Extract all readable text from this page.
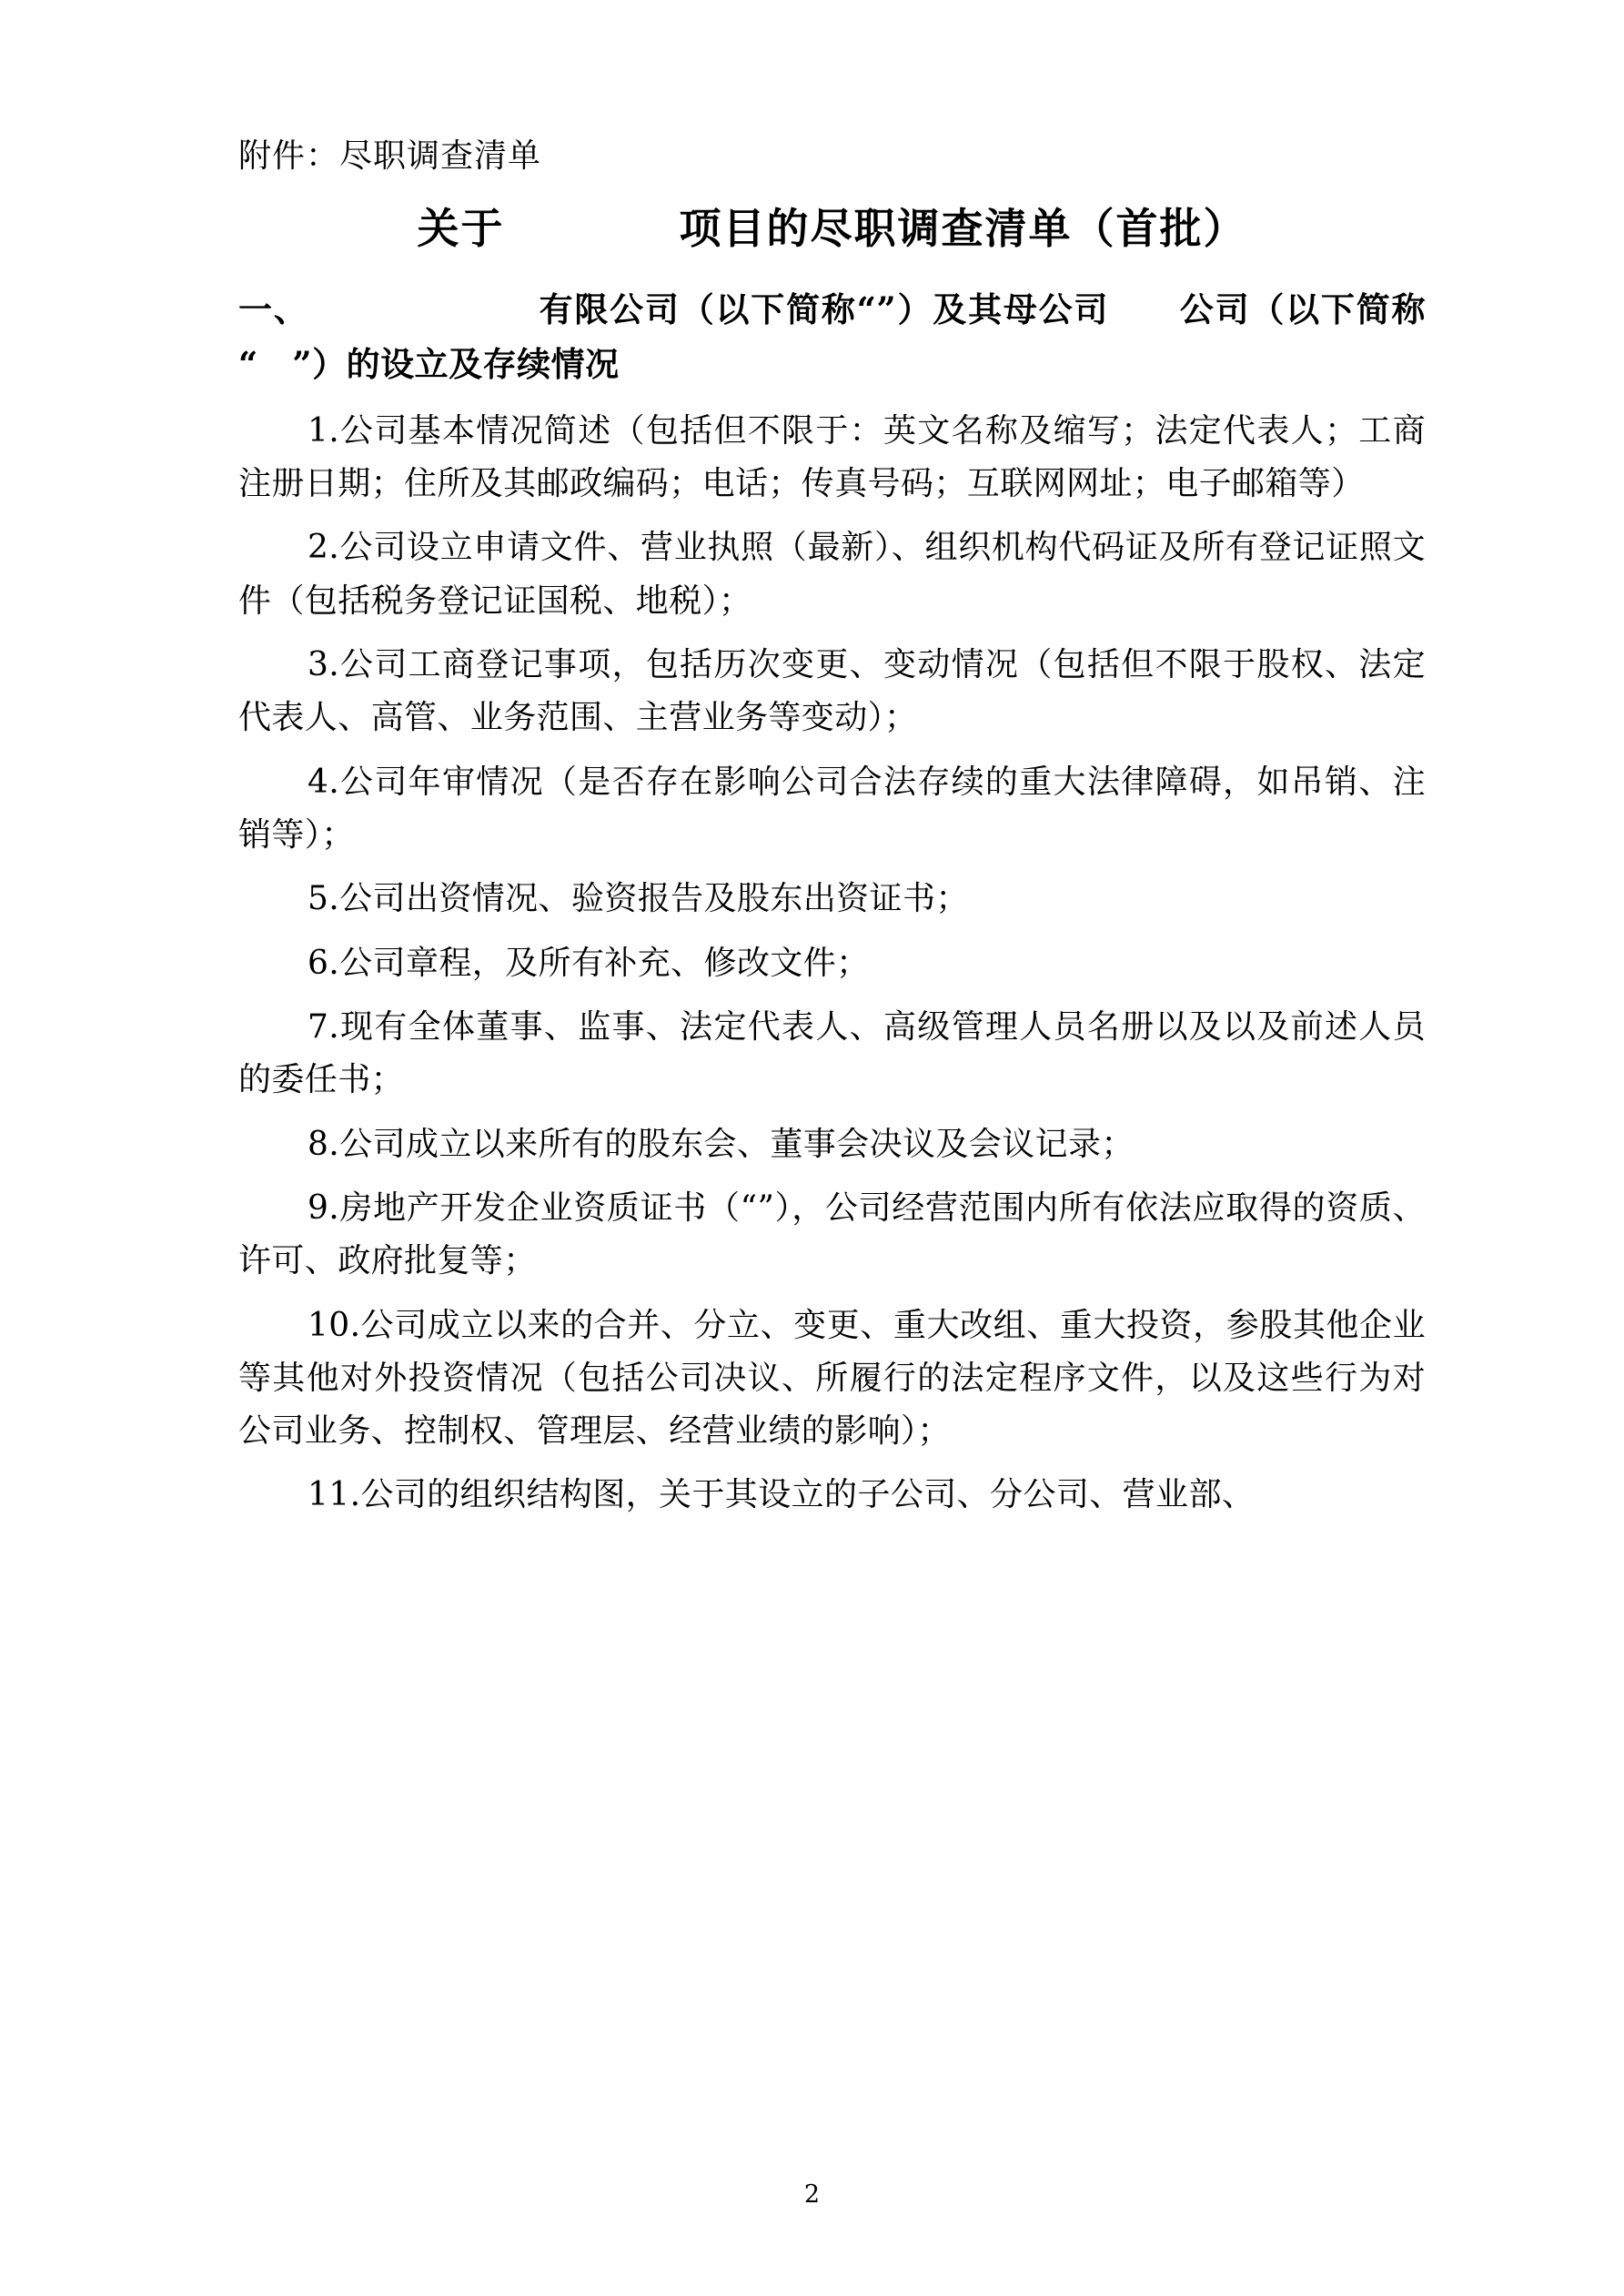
附件：尽职调查清单
关于　　　　项目的尽职调查清单（首批）
一、　　　　　　　有限公司（以下简称“”）及其母公司　　公司（以下简称“　”）的设立及存续情况
1.公司基本情况简述（包括但不限于：英文名称及缩写；法定代表人；工商注册日期；住所及其邮政编码；电话；传真号码；互联网网址；电子邮箱等）
2.公司设立申请文件、营业执照（最新）、组织机构代码证及所有登记证照文件（包括税务登记证国税、地税）；
3.公司工商登记事项，包括历次变更、变动情况（包括但不限于股权、法定代表人、高管、业务范围、主营业务等变动）；
4.公司年审情况（是否存在影响公司合法存续的重大法律障碍，如吊销、注销等）；
5.公司出资情况、验资报告及股东出资证书；
6.公司章程，及所有补充、修改文件；
7.现有全体董事、监事、法定代表人、高级管理人员名册以及以及前述人员的委任书；
8.公司成立以来所有的股东会、董事会决议及会议记录；
9.房地产开发企业资质证书（“”），公司经营范围内所有依法应取得的资质、许可、政府批复等；
10.公司成立以来的合并、分立、变更、重大改组、重大投资，参股其他企业等其他对外投资情况（包括公司决议、所履行的法定程序文件，以及这些行为对公司业务、控制权、管理层、经营业绩的影响）；
11.公司的组织结构图，关于其设立的子公司、分公司、营业部、
2
